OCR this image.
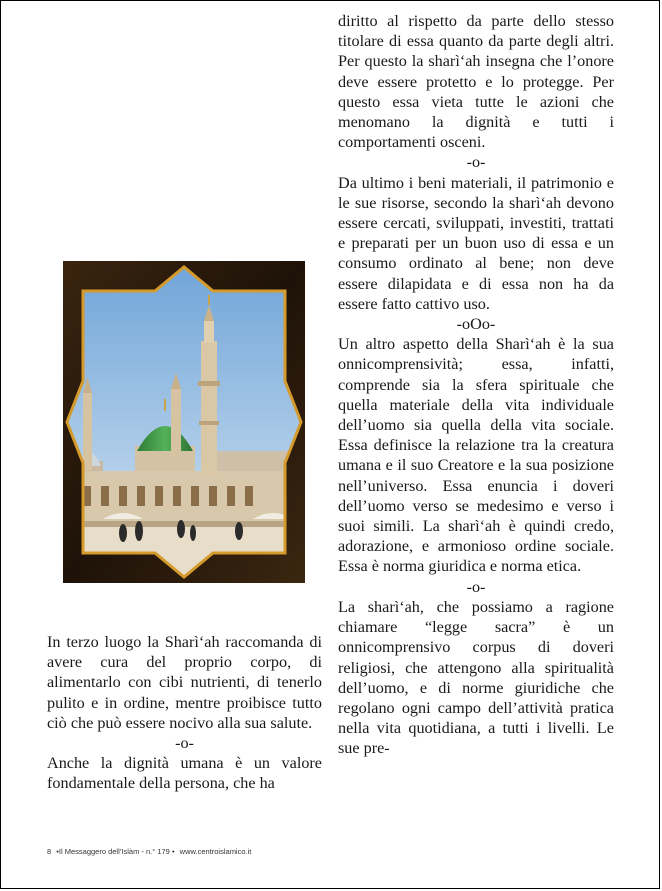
diritto al rispetto da parte dello stesso titolare di essa quanto da parte degli altri. Per questo la sharì‘ah insegna che l’onore deve essere protetto e lo protegge. Per questo essa vieta tutte le azioni che menomano la dignità e tutti i comportamenti osceni.

-o-

Da ultimo i beni materiali, il patrimonio e le sue risorse, secondo la sharì‘ah devono essere cercati, sviluppati, investiti, trattati e preparati per un buon uso di essa e un consumo ordinato al bene; non deve essere dilapidata e di essa non ha da essere fatto cattivo uso.

-oOo-

Un altro aspetto della Sharì‘ah è la sua onnicomprensività; essa, infatti, comprende sia la sfera spirituale che quella materiale della vita individuale dell’uomo sia quella della vita sociale. Essa definisce la relazione tra la creatura umana e il suo Creatore e la sua posizione nell’universo. Essa enuncia i doveri dell’uomo verso se medesimo e verso i suoi simili. La sharì‘ah è quindi credo, adorazione, e armonioso ordine sociale. Essa è norma giuridica e norma etica.

-o-

La sharì‘ah, che possiamo a ragione chiamare “legge sacra” è un onnicomprensivo corpus di doveri religiosi, che attengono alla spiritualità dell’uomo, e di norme giuridiche che regolano ogni campo dell’attività pratica nella vita quotidiana, a tutti i livelli. Le sue pre-

In terzo luogo la Sharì‘ah raccomanda di avere cura del proprio corpo, di alimentarlo con cibi nutrienti, di tenerlo pulito e in ordine, mentre proibisce tutto ciò che può essere nocivo alla sua salute.

-o-

Anche la dignità umana è un valore fondamentale della persona, che ha

8 •Il Messaggero dell’Islàm - n.° 179 • www.centroislamico.it
